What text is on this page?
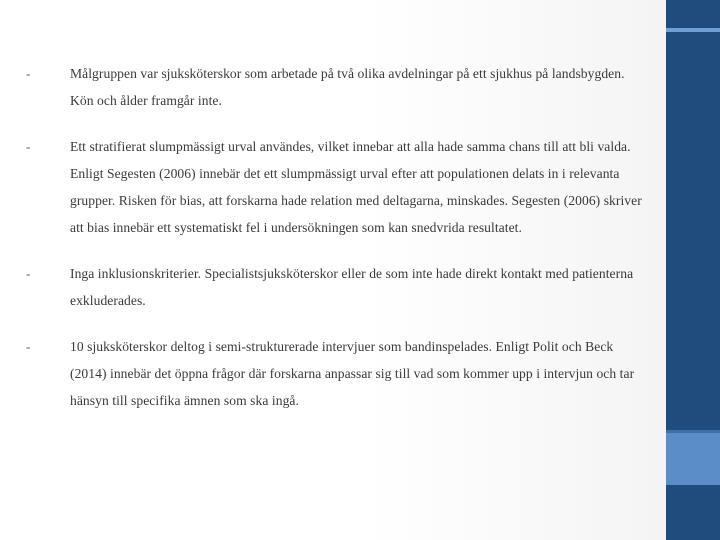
-	Målgruppen var sjuksköterskor som arbetade på två olika avdelningar på ett sjukhus på landsbygden. Kön och ålder framgår inte.
-	Ett stratifierat slumpmässigt urval användes, vilket innebar att alla hade samma chans till att bli valda. Enligt Segesten (2006) innebär det ett slumpmässigt urval efter att populationen delats in i relevanta grupper. Risken för bias, att forskarna hade relation med deltagarna, minskades. Segesten (2006) skriver att bias innebär ett systematiskt fel i undersökningen som kan snedvrida resultatet.
-	Inga inklusionskriterier. Specialistsjuksköterskor eller de som inte hade direkt kontakt med patienterna exkluderades.
-	10 sjuksköterskor deltog i semi-strukturerade intervjuer som bandinspelades. Enligt Polit och Beck (2014) innebär det öppna frågor där forskarna anpassar sig till vad som kommer upp i intervjun och tar hänsyn till specifika ämnen som ska ingå.
